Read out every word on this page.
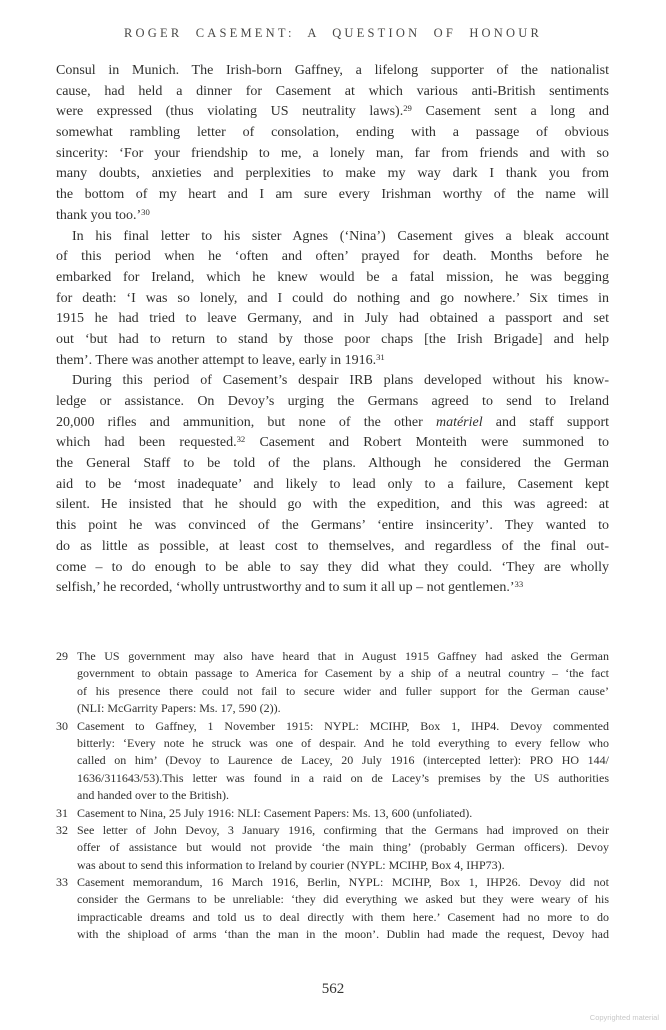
ROGER CASEMENT: A QUESTION OF HONOUR
Consul in Munich. The Irish-born Gaffney, a lifelong supporter of the nationalist
cause, had held a dinner for Casement at which various anti-British sentiments
were expressed (thus violating US neutrality laws).$^{29}$ Casement sent a long and
somewhat rambling letter of consolation, ending with a passage of obvious
sincerity: ‘For your friendship to me, a lonely man, far from friends and with so
many doubts, anxieties and perplexities to make my way dark I thank you from
the bottom of my heart and I am sure every Irishman worthy of the name will
thank you too.’$^{30}$
In his final letter to his sister Agnes (‘Nina’) Casement gives a bleak account
of this period when he ‘often and often’ prayed for death. Months before he
embarked for Ireland, which he knew would be a fatal mission, he was begging
for death: ‘I was so lonely, and I could do nothing and go nowhere.’ Six times in
1915 he had tried to leave Germany, and in July had obtained a passport and set
out ‘but had to return to stand by those poor chaps [the Irish Brigade] and help
them’. There was another attempt to leave, early in 1916.31
During this period of Casement’s despair IRB plans developed without his know-
ledge or assistance. On Devoy’s urging the Germans agreed to send to Ireland
20,000 rifles and ammunition, but none of the other matériel and staff support
which had been requested.$^{32}$ Casement and Robert Monteith were summoned to
the General Staff to be told of the plans. Although he considered the German
aid to be ‘most inadequate’ and likely to lead only to a failure, Casement kept
silent. He insisted that he should go with the expedition, and this was agreed: at
this point he was convinced of the Germans’ ‘entire insincerity’. They wanted to
do as little as possible, at least cost to themselves, and regardless of the final out-
come – to do enough to be able to say they did what they could. ‘They are wholly
selfish,’ he recorded, ‘wholly untrustworthy and to sum it all up – not gentlemen.’$^{33}$
29 The US government may also have heard that in August 1915 Gaffney had asked the German
government to obtain passage to America for Casement by a ship of a neutral country – ‘the fact
of his presence there could not fail to secure wider and fuller support for the German cause’
(NLI: McGarrity Papers: Ms. 17, 590 (2)).
30 Casement to Gaffney, 1 November 1915: NYPL: MCIHP, Box 1, IHP4. Devoy commented
bitterly: ‘Every note he struck was one of despair. And he told everything to every fellow who
called on him’ (Devoy to Laurence de Lacey, 20 July 1916 (intercepted letter): PRO HO 144/
1636/311643/53).This letter was found in a raid on de Lacey’s premises by the US authorities
and handed over to the British).
31 Casement to Nina, 25 July 1916: NLI: Casement Papers: Ms. 13, 600 (unfoliated).
32 See letter of John Devoy, 3 January 1916, confirming that the Germans had improved on their
offer of assistance but would not provide ‘the main thing’ (probably German officers). Devoy
was about to send this information to Ireland by courier (NYPL: MCIHP, Box 4, IHP73).
33 Casement memorandum, 16 March 1916, Berlin, NYPL: MCIHP, Box 1, IHP26. Devoy did not
consider the Germans to be unreliable: ‘they did everything we asked but they were weary of his
impracticable dreams and told us to deal directly with them here.’ Casement had no more to do
with the shipload of arms ‘than the man in the moon’. Dublin had made the request, Devoy had
562
Copyrighted material
